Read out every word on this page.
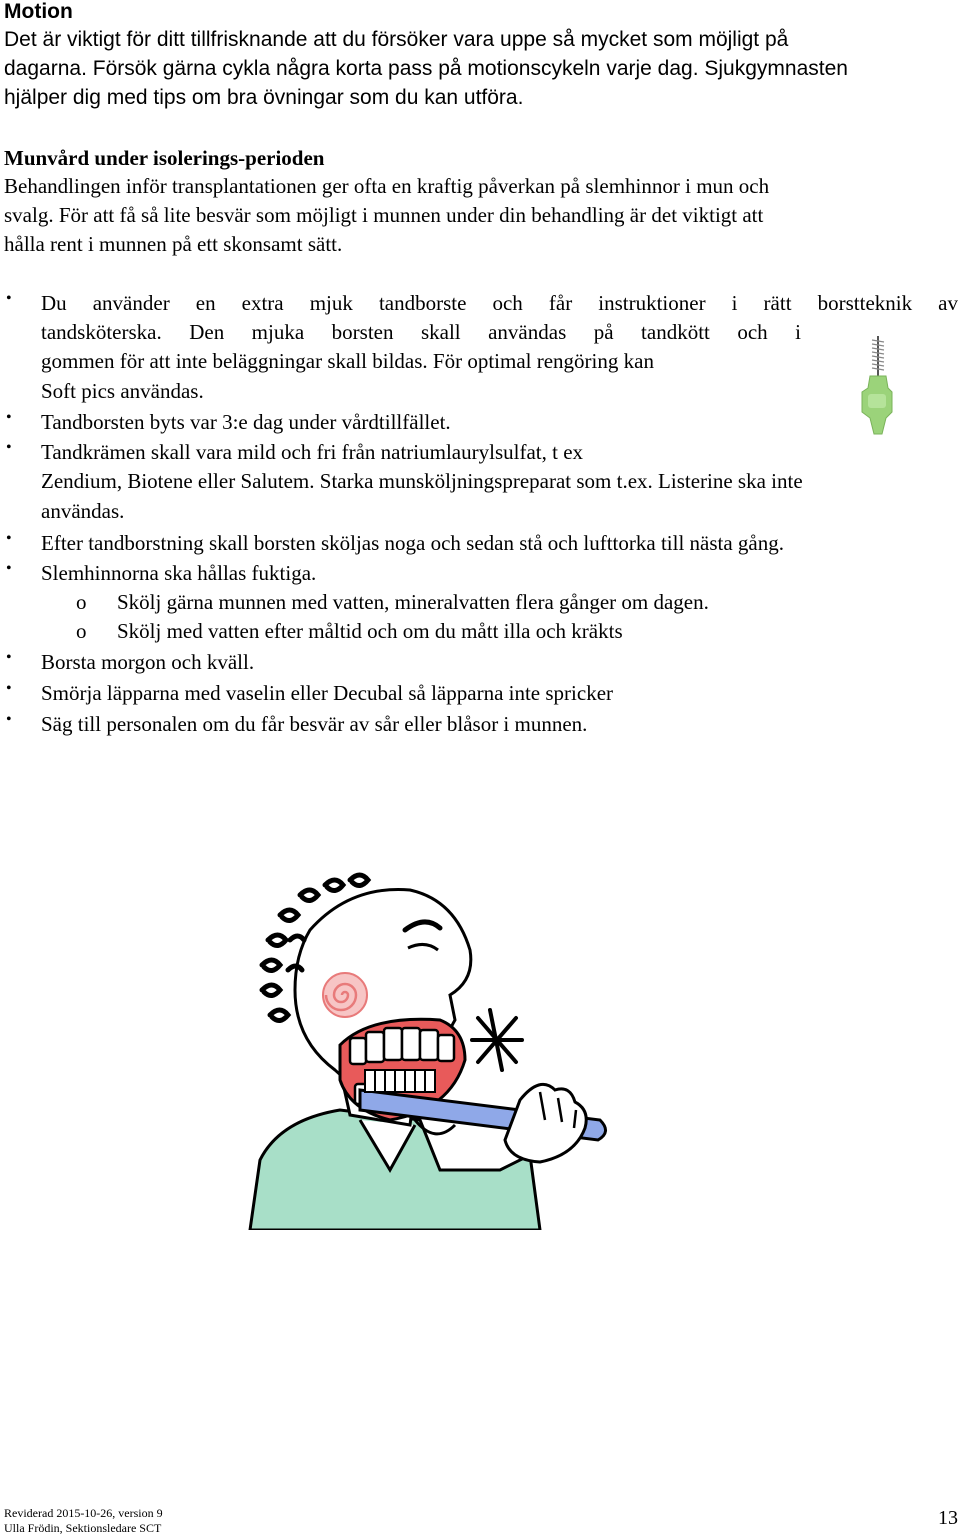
Motion
Det är viktigt för ditt tillfrisknande att du försöker vara uppe så mycket som möjligt på
dagarna. Försök gärna cykla några korta pass på motionscykeln varje dag. Sjukgymnasten
hjälper dig med tips om bra övningar som du kan utföra.
Munvård under isolerings-perioden
Behandlingen inför transplantationen ger ofta en kraftig påverkan på slemhinnor i mun och
svalg. För att få så lite besvär som möjligt i munnen under din behandling är det viktigt att
hålla rent i munnen på ett skonsamt sätt.
• Du använder en extra mjuk tandborste och får instruktioner i rätt borstteknik av
tandsköterska. Den mjuka borsten skall användas på tandkött och i
gommen för att inte beläggningar skall bildas. För optimal rengöring kan
Soft pics användas.
• Tandborsten byts var 3:e dag under vårdtillfället.
• Tandkrämen skall vara mild och fri från natriumlaurylsulfat, t ex
Zendium, Biotene eller Salutem. Starka munsköljningspreparat som t.ex. Listerine ska inte
användas.
• Efter tandborstning skall borsten sköljas noga och sedan stå och lufttorka till nästa gång.
• Slemhinnorna ska hållas fuktiga.
o Skölj gärna munnen med vatten, mineralvatten flera gånger om dagen.
o Skölj med vatten efter måltid och om du mått illa och kräkts
• Borsta morgon och kväll.
• Smörja läpparna med vaselin eller Decubal så läpparna inte spricker
• Säg till personalen om du får besvär av sår eller blåsor i munnen.
Reviderad 2015-10-26, version 9
Ulla Frödin, Sektionsledare SCT	13
